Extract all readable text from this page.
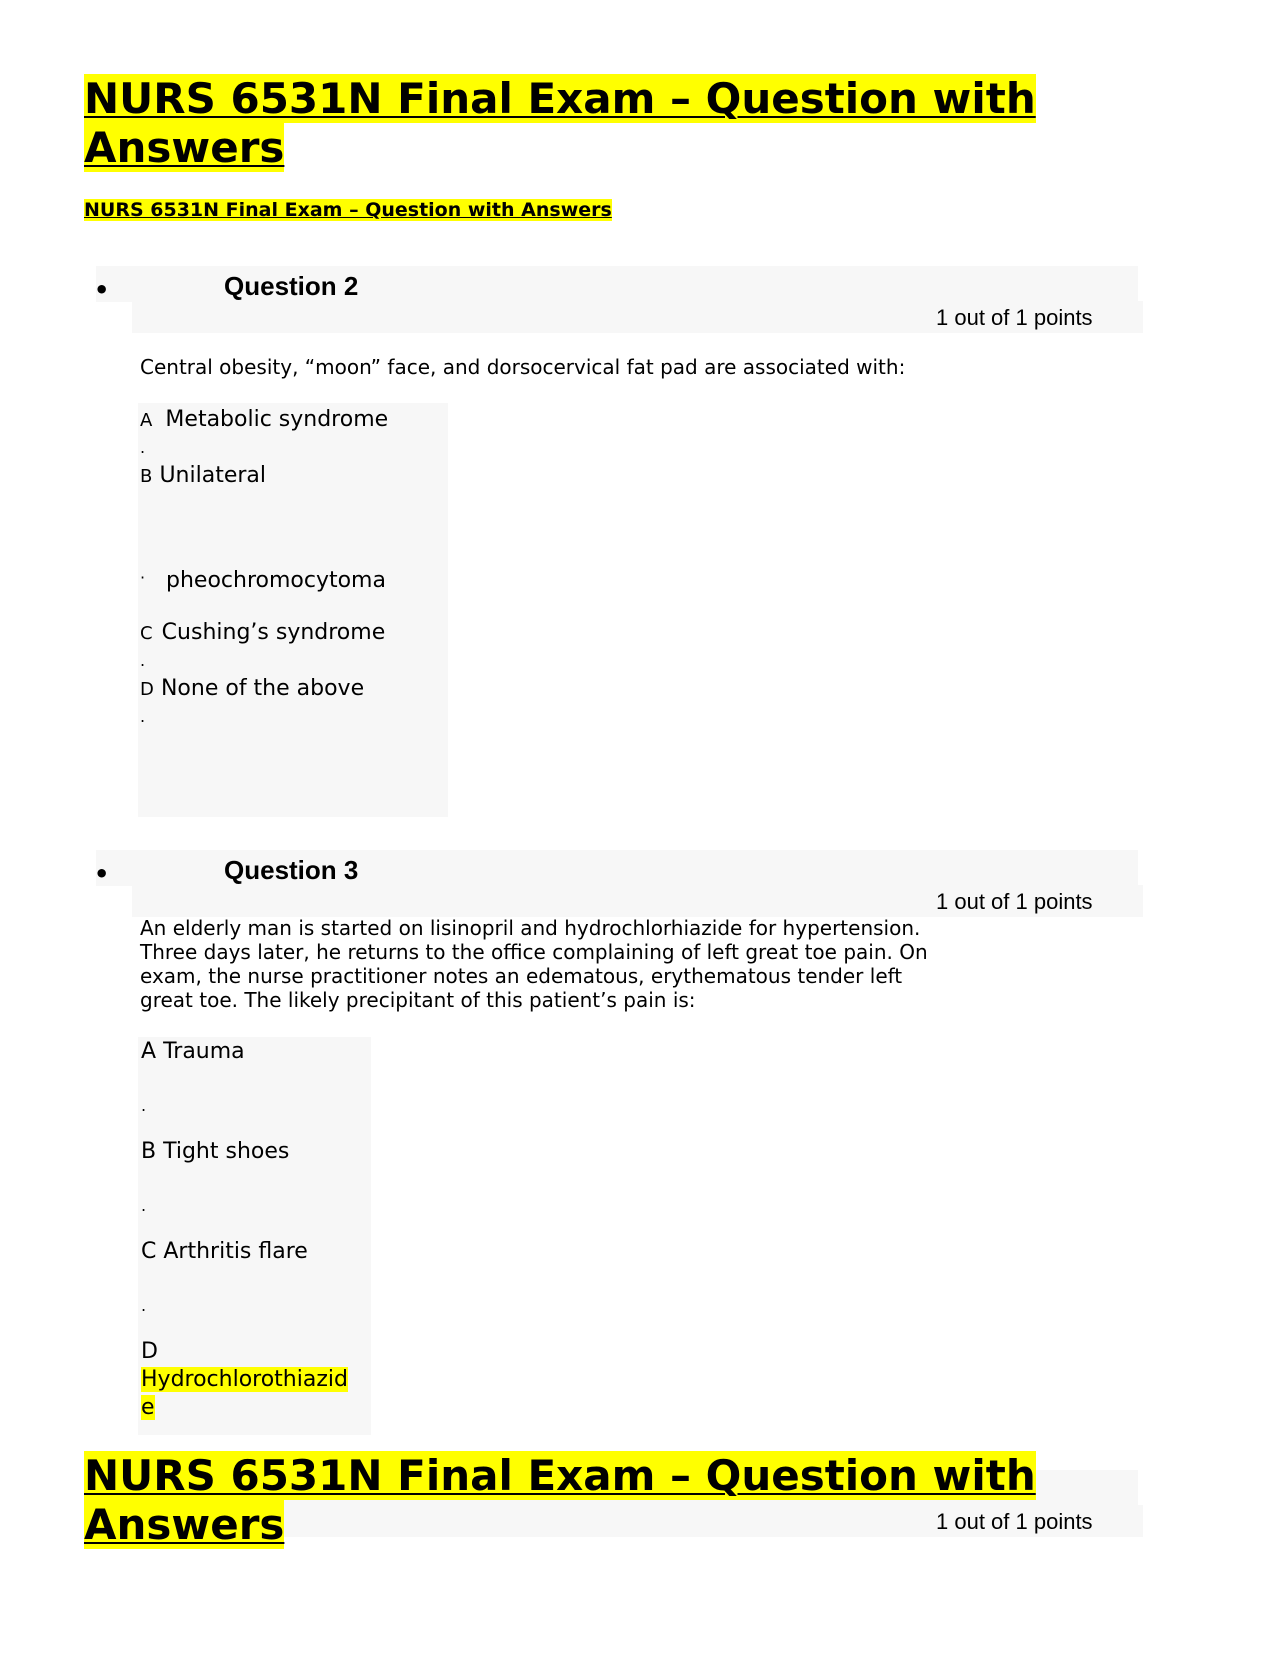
NURS 6531N Final Exam – Question with
Answers
NURS 6531N Final Exam – Question with Answers
•	Question 2
1 out of 1 points
Central obesity, “moon” face, and dorsocervical fat pad are associated with:
A Metabolic syndrome
.
B Unilateral
· pheochromocytoma
C Cushing’s syndrome
.
D None of the above
.
•	Question 3
1 out of 1 points
An elderly man is started on lisinopril and hydrochlorhiazide for hypertension.
Three days later, he returns to the office complaining of left great toe pain. On
exam, the nurse practitioner notes an edematous, erythematous tender left
great toe. The likely precipitant of this patient’s pain is:
A Trauma
.
B Tight shoes
.
C Arthritis flare
.
D
Hydrochlorothiazid
e
1 out of 1 points
NURS 6531N Final Exam – Question with
Answers
